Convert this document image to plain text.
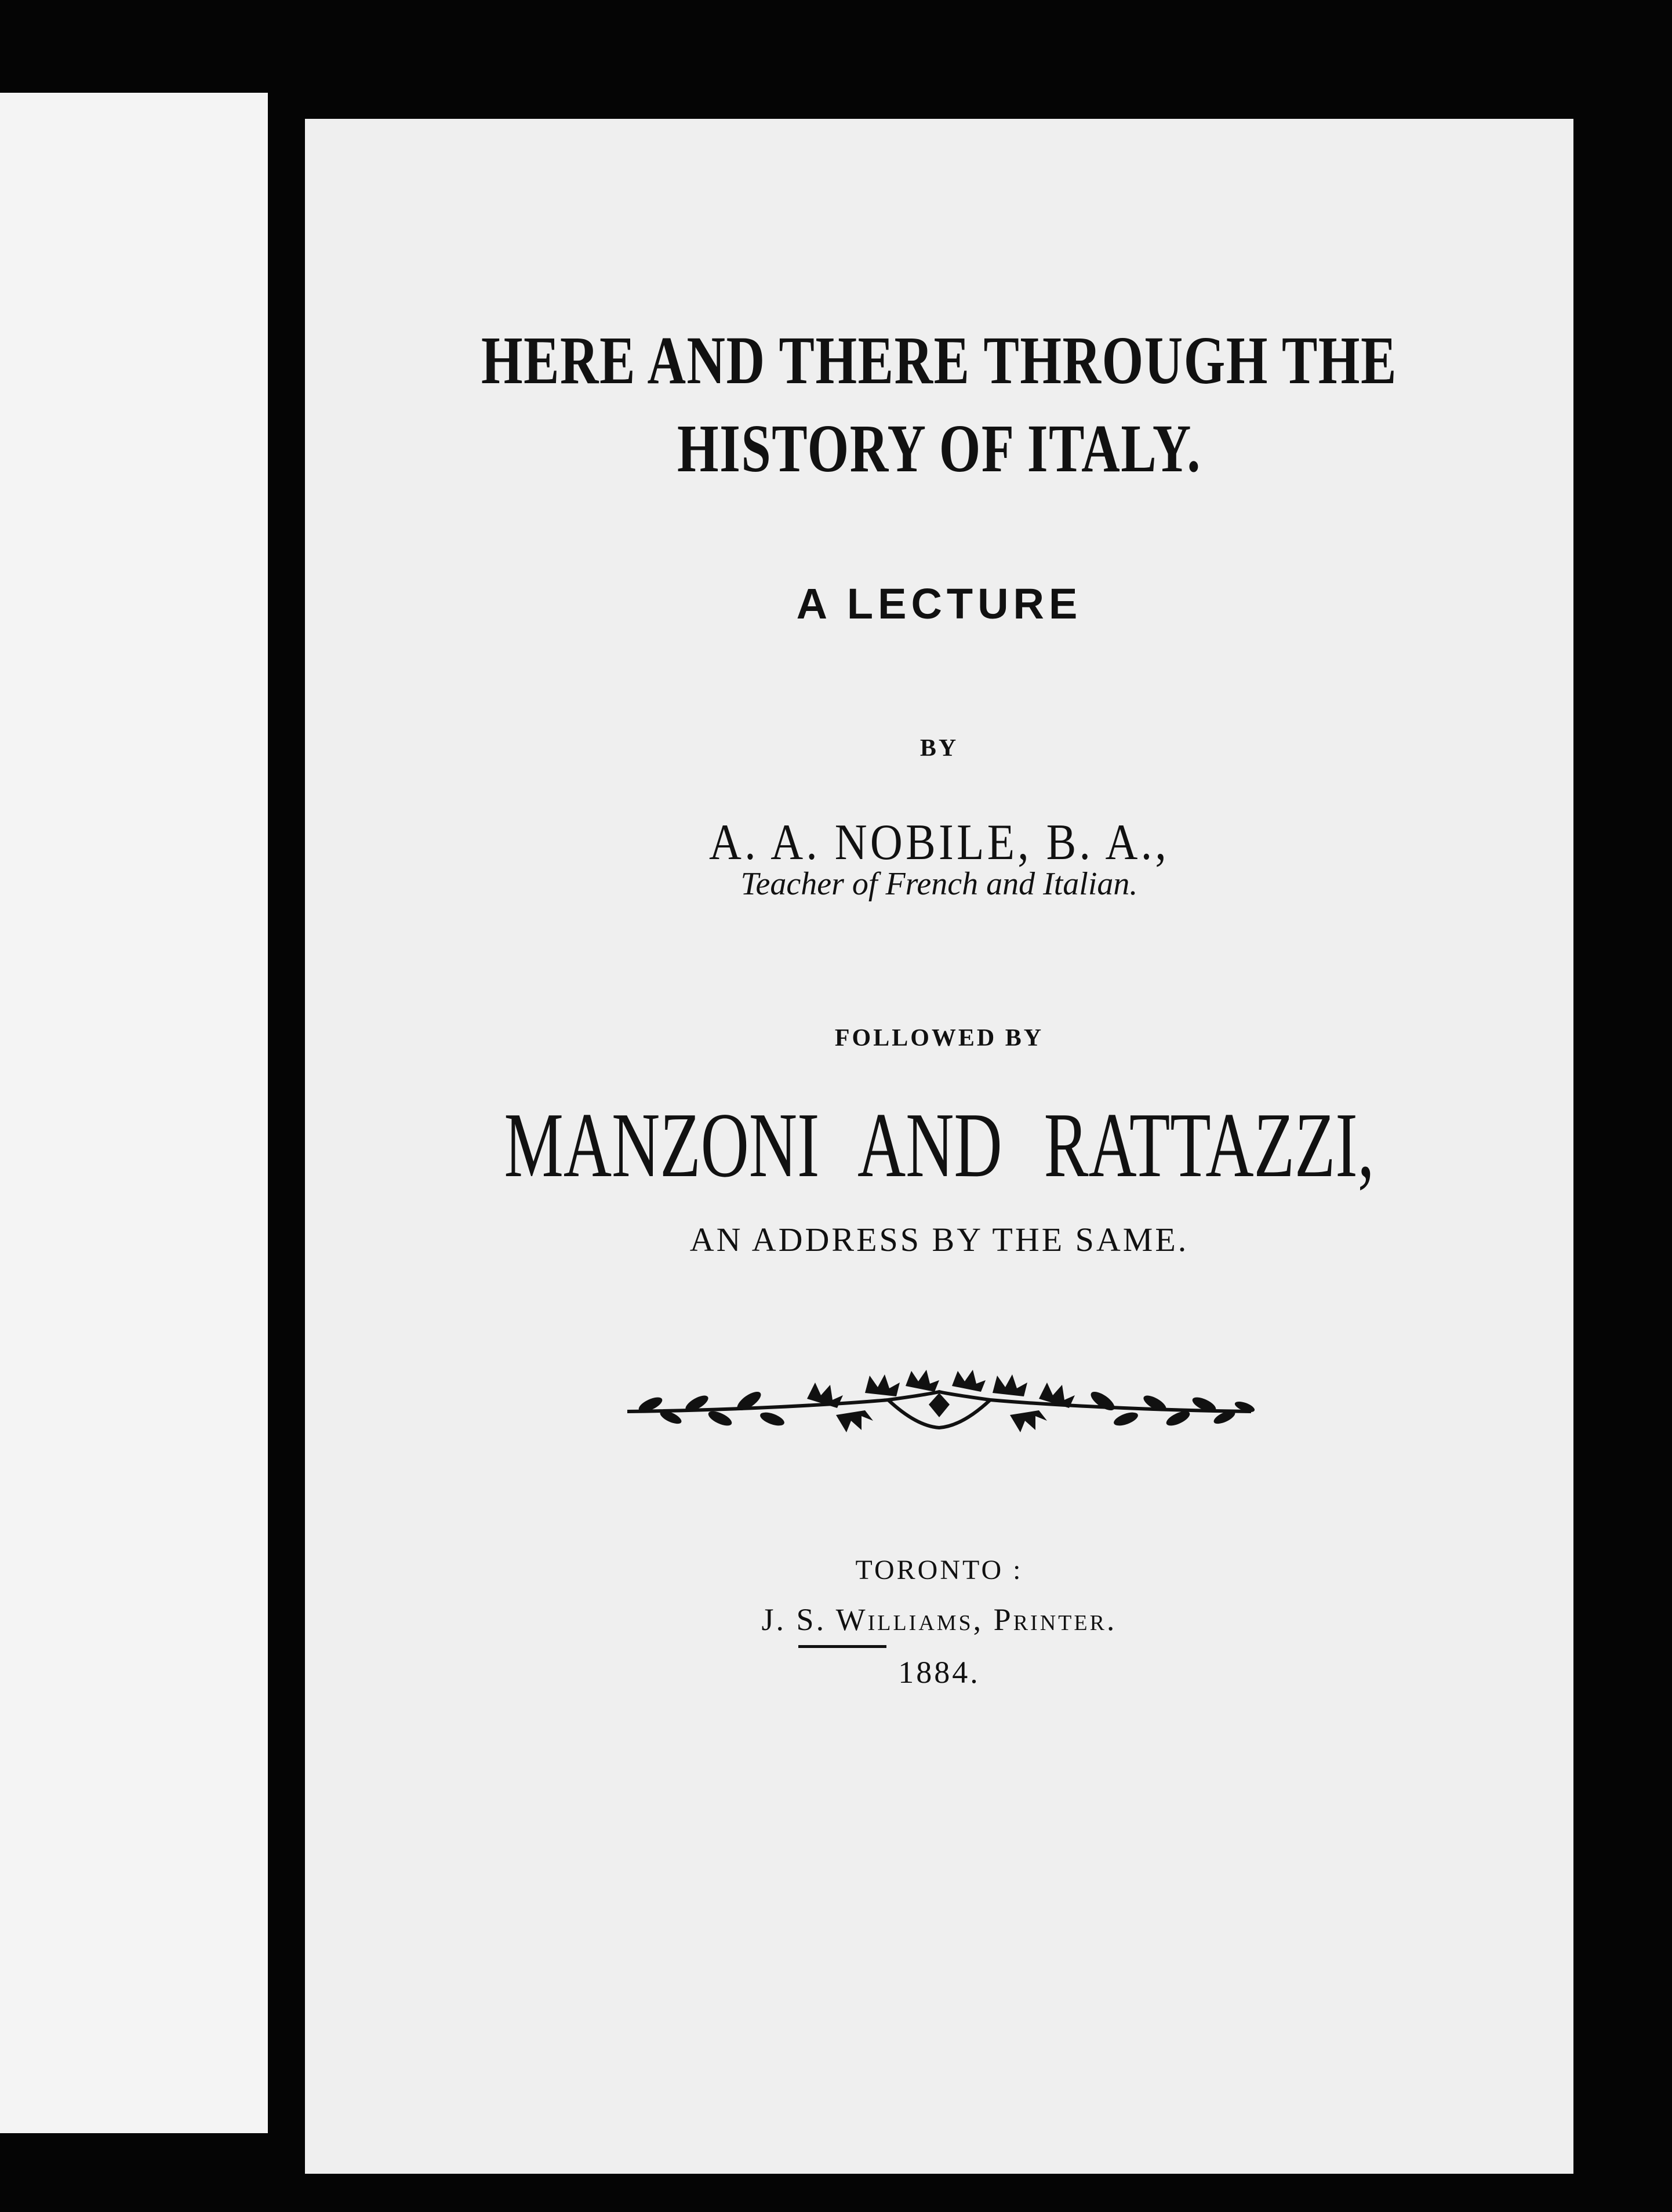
HERE AND THERE THROUGH THE
HISTORY OF ITALY.
A LECTURE
BY
A. A. NOBILE, B. A.,
Teacher of French and Italian.
FOLLOWED BY
MANZONI AND RATTAZZI,
AN ADDRESS BY THE SAME.
TORONTO :
J. S. Williams, Printer.
1884.
